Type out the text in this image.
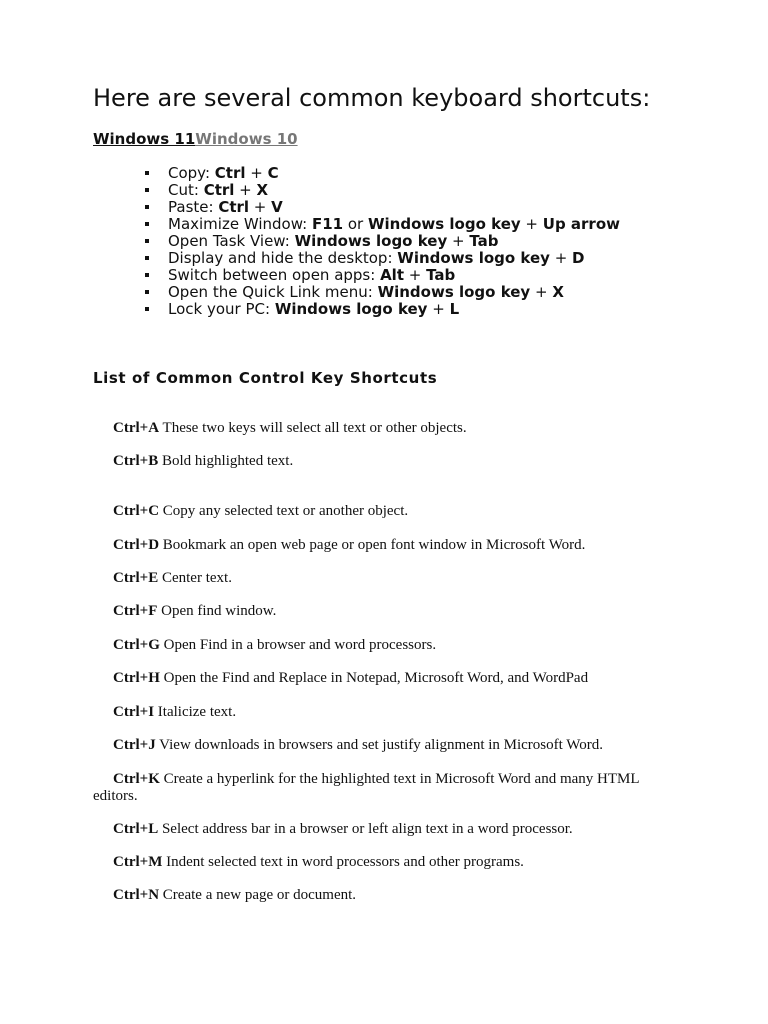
Here are several common keyboard shortcuts:
Windows 11Windows 10
Copy: Ctrl + C
Cut: Ctrl + X
Paste: Ctrl + V
Maximize Window: F11 or Windows logo key + Up arrow
Open Task View: Windows logo key + Tab
Display and hide the desktop: Windows logo key + D
Switch between open apps: Alt + Tab
Open the Quick Link menu: Windows logo key + X
Lock your PC: Windows logo key + L
List of Common Control Key Shortcuts

Ctrl+A These two keys will select all text or other objects.

Ctrl+B Bold highlighted text.

Ctrl+C Copy any selected text or another object.

Ctrl+D Bookmark an open web page or open font window in Microsoft Word.

Ctrl+E Center text.

Ctrl+F Open find window.

Ctrl+G Open Find in a browser and word processors.

Ctrl+H Open the Find and Replace in Notepad, Microsoft Word, and WordPad

Ctrl+I Italicize text.

Ctrl+J View downloads in browsers and set justify alignment in Microsoft Word.

Ctrl+K Create a hyperlink for the highlighted text in Microsoft Word and many HTML editors.

Ctrl+L Select address bar in a browser or left align text in a word processor.

Ctrl+M Indent selected text in word processors and other programs.

Ctrl+N Create a new page or document.
